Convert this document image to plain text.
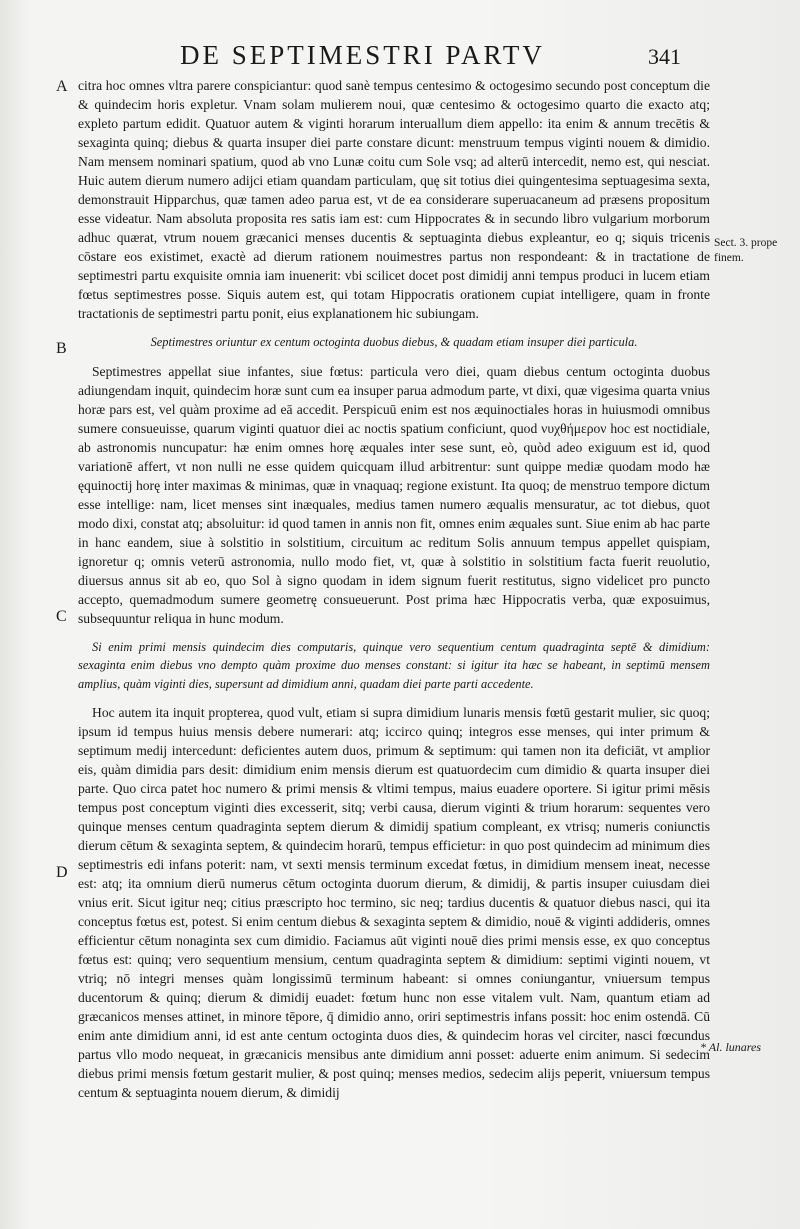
DE SEPTIMESTRI PARTV	341
A
B
C
D
Sect. 3. prope finem.
* Al. lunares

citra hoc omnes vltra parere conspiciantur: quod sanè tempus centesimo & octogesimo secundo post conceptum die & quindecim horis expletur. Vnam solam mulierem noui, quæ centesimo & octogesimo quarto die exacto atq; expleto partum edidit. Quatuor autem & viginti horarum interuallum diem appello: ita enim & annum trecētis & sexaginta quinq; diebus & quarta insuper diei parte constare dicunt: menstruum tempus viginti nouem & dimidio. Nam mensem nominari spatium, quod ab vno Lunæ coitu cum Sole vsq; ad alterū intercedit, nemo est, qui nesciat. Huic autem dierum numero adijci etiam quandam particulam, quę sit totius diei quingentesima septuagesima sexta, demonstrauit Hipparchus, quæ tamen adeo parua est, vt de ea considerare superuacaneum ad præsens propositum esse videatur. Nam absoluta proposita res satis iam est: cum Hippocrates & in secundo libro vulgarium morborum adhuc quærat, vtrum nouem græcanici menses ducentis & septuaginta diebus expleantur, eo q; siquis tricenis cōstare eos existimet, exactè ad dierum rationem nouimestres partus non respondeant: & in tractatione de septimestri partu exquisite omnia iam inuenerit: vbi scilicet docet post dimidij anni tempus produci in lucem etiam fœtus septimestres posse. Siquis autem est, qui totam Hippocratis orationem cupiat intelligere, quam in fronte tractationis de septimestri partu ponit, eius explanationem hic subiungam.

Septimestres oriuntur ex centum octoginta duobus diebus, & quadam etiam insuper diei particula.

Septimestres appellat siue infantes, siue fœtus: particula vero diei, quam diebus centum octoginta duobus adiungendam inquit, quindecim horæ sunt cum ea insuper parua admodum parte, vt dixi, quæ vigesima quarta vnius horæ pars est, vel quàm proxime ad eā accedit. Perspicuū enim est nos æquinoctiales horas in huiusmodi omnibus sumere consueuisse, quarum viginti quatuor diei ac noctis spatium conficiunt, quod νυχθήμερον hoc est noctidiale, ab astronomis nuncupatur: hæ enim omnes horę æquales inter sese sunt, eò, quòd adeo exiguum est id, quod variationē affert, vt non nulli ne esse quidem quicquam illud arbitrentur: sunt quippe mediæ quodam modo hæ ęquinoctij horę inter maximas & minimas, quæ in vnaquaq; regione existunt. Ita quoq; de menstruo tempore dictum esse intellige: nam, licet menses sint inæquales, medius tamen numero æqualis mensuratur, ac tot diebus, quot modo dixi, constat atq; absoluitur: id quod tamen in annis non fit, omnes enim æquales sunt. Siue enim ab hac parte in hanc eandem, siue à solstitio in solstitium, circuitum ac reditum Solis annuum tempus appellet quispiam, ignoretur q; omnis veterū astronomia, nullo modo fiet, vt, quæ à solstitio in solstitium facta fuerit reuolutio, diuersus annus sit ab eo, quo Sol à signo quodam in idem signum fuerit restitutus, signo videlicet pro puncto accepto, quemadmodum sumere geometrę consueuerunt. Post prima hæc Hippocratis verba, quæ exposuimus, subsequuntur reliqua in hunc modum.

Si enim primi mensis quindecim dies computaris, quinque vero sequentium centum quadraginta septē & dimidium: sexaginta enim diebus vno dempto quàm proxime duo menses constant: si igitur ita hæc se habeant, in septimū mensem amplius, quàm viginti dies, supersunt ad dimidium anni, quadam diei parte parti accedente.

Hoc autem ita inquit propterea, quod vult, etiam si supra dimidium lunaris mensis fœtū gestarit mulier, sic quoq; ipsum id tempus huius mensis debere numerari: atq; iccirco quinq; integros esse menses, qui inter primum & septimum medij intercedunt: deficientes autem duos, primum & septimum: qui tamen non ita deficiāt, vt amplior eis, quàm dimidia pars desit: dimidium enim mensis dierum est quatuordecim cum dimidio & quarta insuper diei parte. Quo circa patet hoc numero & primi mensis & vltimi tempus, maius euadere oportere. Si igitur primi mēsis tempus post conceptum viginti dies excesserit, sitq; verbi causa, dierum viginti & trium horarum: sequentes vero quinque menses centum quadraginta septem dierum & dimidij spatium compleant, ex vtrisq; numeris coniunctis dierum cētum & sexaginta septem, & quindecim horarū, tempus efficietur: in quo post quindecim ad minimum dies septimestris edi infans poterit: nam, vt sexti mensis terminum excedat fœtus, in dimidium mensem ineat, necesse est: atq; ita omnium dierū numerus cētum octoginta duorum dierum, & dimidij, & partis insuper cuiusdam diei vnius erit. Sicut igitur neq; citius præscripto hoc termino, sic neq; tardius ducentis & quatuor diebus nasci, qui ita conceptus fœtus est, potest. Si enim centum diebus & sexaginta septem & dimidio, nouē & viginti addideris, omnes efficientur cētum nonaginta sex cum dimidio. Faciamus aūt viginti nouē dies primi mensis esse, ex quo conceptus fœtus est: quinq; vero sequentium mensium, centum quadraginta septem & dimidium: septimi viginti nouem, vt vtriq; nō integri menses quàm longissimū terminum habeant: si omnes coniungantur, vniuersum tempus ducentorum & quinq; dierum & dimidij euadet: fœtum hunc non esse vitalem vult. Nam, quantum etiam ad græcanicos menses attinet, in minore tēpore, q̄ dimidio anno, oriri septimestris infans possit: hoc enim ostendā. Cū enim ante dimidium anni, id est ante centum octoginta duos dies, & quindecim horas vel circiter, nasci fœcundus partus vllo modo nequeat, in græcanicis mensibus ante dimidium anni posset: aduerte enim animum. Si sedecim diebus primi mensis fœtum gestarit mulier, & post quinq; menses medios, sedecim alijs peperit, vniuersum tempus centum & septuaginta nouem dierum, & dimidij
